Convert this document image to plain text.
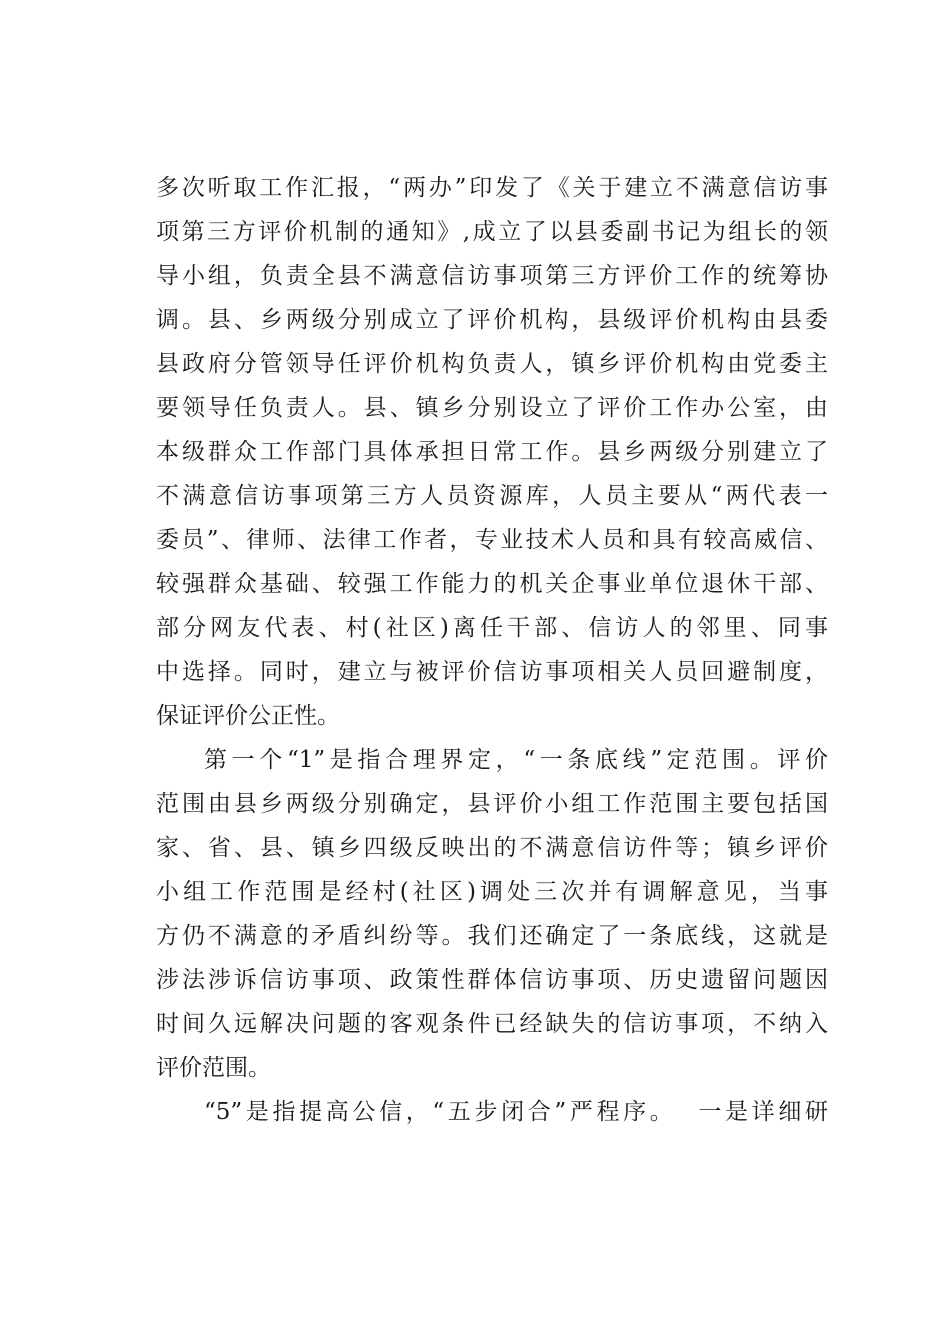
多次听取工作汇报，“两办”印发了《关于建立不满意信访事
项第三方评价机制的通知》,成立了以县委副书记为组长的领
导小组，负责全县不满意信访事项第三方评价工作的统筹协
调。县、乡两级分别成立了评价机构，县级评价机构由县委
县政府分管领导任评价机构负责人，镇乡评价机构由党委主
要领导任负责人。县、镇乡分别设立了评价工作办公室，由
本级群众工作部门具体承担日常工作。县乡两级分别建立了
不满意信访事项第三方人员资源库，人员主要从“两代表一
委员”、律师、法律工作者，专业技术人员和具有较高威信、
较强群众基础、较强工作能力的机关企事业单位退休干部、
部分网友代表、村(社区)离任干部、信访人的邻里、同事
中选择。同时，建立与被评价信访事项相关人员回避制度，
保证评价公正性。
第一个“1”是指合理界定，“一条底线”定范围。评价
范围由县乡两级分别确定，县评价小组工作范围主要包括国
家、省、县、镇乡四级反映出的不满意信访件等；镇乡评价
小组工作范围是经村(社区)调处三次并有调解意见，当事
方仍不满意的矛盾纠纷等。我们还确定了一条底线，这就是
涉法涉诉信访事项、政策性群体信访事项、历史遗留问题因
时间久远解决问题的客观条件已经缺失的信访事项，不纳入
评价范围。
“5”是指提高公信，“五步闭合”严程序。  一是详细研
